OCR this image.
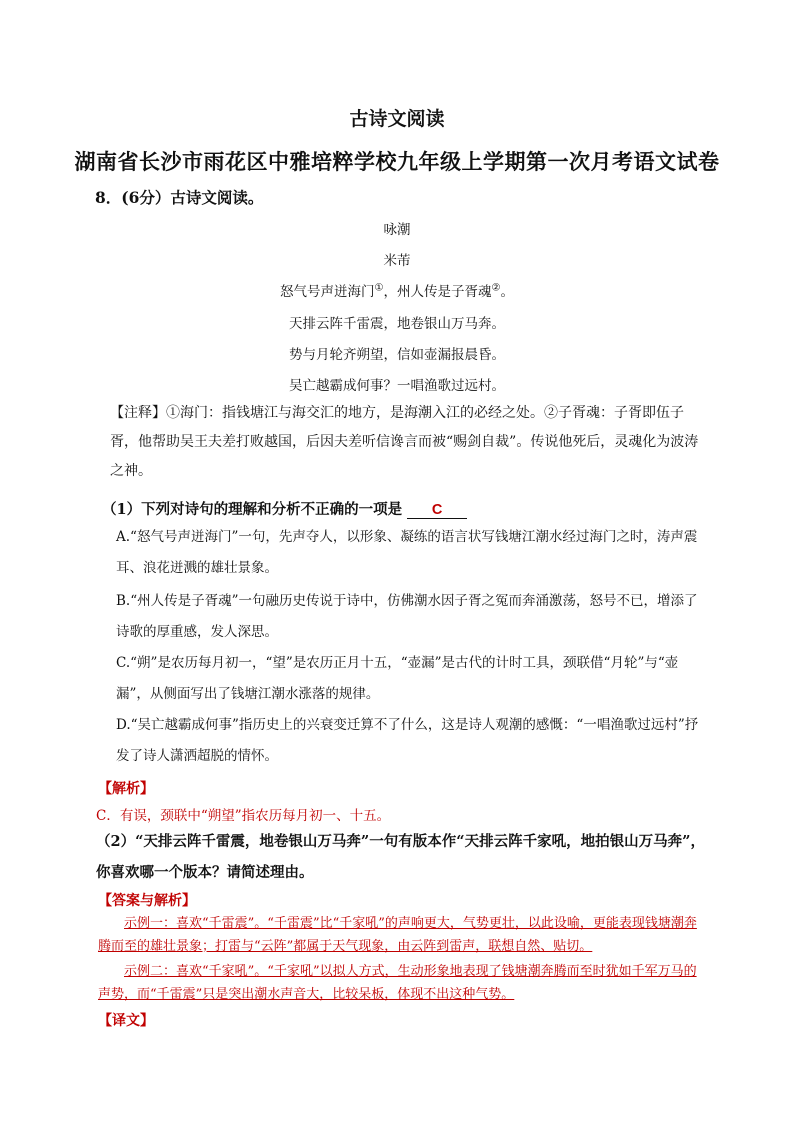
古诗文阅读
湖南省长沙市雨花区中雅培粹学校九年级上学期第一次月考语文试卷
8．(6分）古诗文阅读。
咏潮
米芾
怒气号声迸海门①，州人传是子胥魂②。
天排云阵千雷震，地卷银山万马奔。
势与月轮齐朔望，信如壶漏报晨昏。
吴亡越霸成何事？一唱渔歌过远村。
【注释】①海门：指钱塘江与海交汇的地方，是海潮入江的必经之处。②子胥魂：子胥即伍子胥，他帮助吴王夫差打败越国，后因夫差听信谗言而被“赐剑自裁”。传说他死后，灵魂化为波涛之神。
（1）下列对诗句的理解和分析不正确的一项是 C
A.“怒气号声迸海门”一句，先声夺人，以形象、凝练的语言状写钱塘江潮水经过海门之时，涛声震耳、浪花迸溅的雄壮景象。
B.“州人传是子胥魂”一句融历史传说于诗中，仿佛潮水因子胥之冤而奔涌激荡，怒号不已，增添了诗歌的厚重感，发人深思。
C.“朔”是农历每月初一，“望”是农历正月十五，“壶漏”是古代的计时工具，颈联借“月轮”与“壶漏”，从侧面写出了钱塘江潮水涨落的规律。
D.“吴亡越霸成何事”指历史上的兴衰变迁算不了什么，这是诗人观潮的感慨：“一唱渔歌过远村”抒发了诗人潇洒超脱的情怀。
【解析】
C．有误，颈联中“朔望”指农历每月初一、十五。
（2）“天排云阵千雷震，地卷银山万马奔”一句有版本作“天排云阵千家吼，地拍银山万马奔”，你喜欢哪一个版本？请简述理由。
【答案与解析】
示例一：喜欢“千雷震”。“千雷震”比“千家吼”的声响更大，气势更壮，以此设喻，更能表现钱塘潮奔腾而至的雄壮景象；打雷与“云阵”都属于天气现象，由云阵到雷声，联想自然、贴切。
示例二：喜欢“千家吼”。“千家吼”以拟人方式，生动形象地表现了钱塘潮奔腾而至时犹如千军万马的声势，而“千雷震”只是突出潮水声音大，比较呆板，体现不出这种气势。
【译文】
